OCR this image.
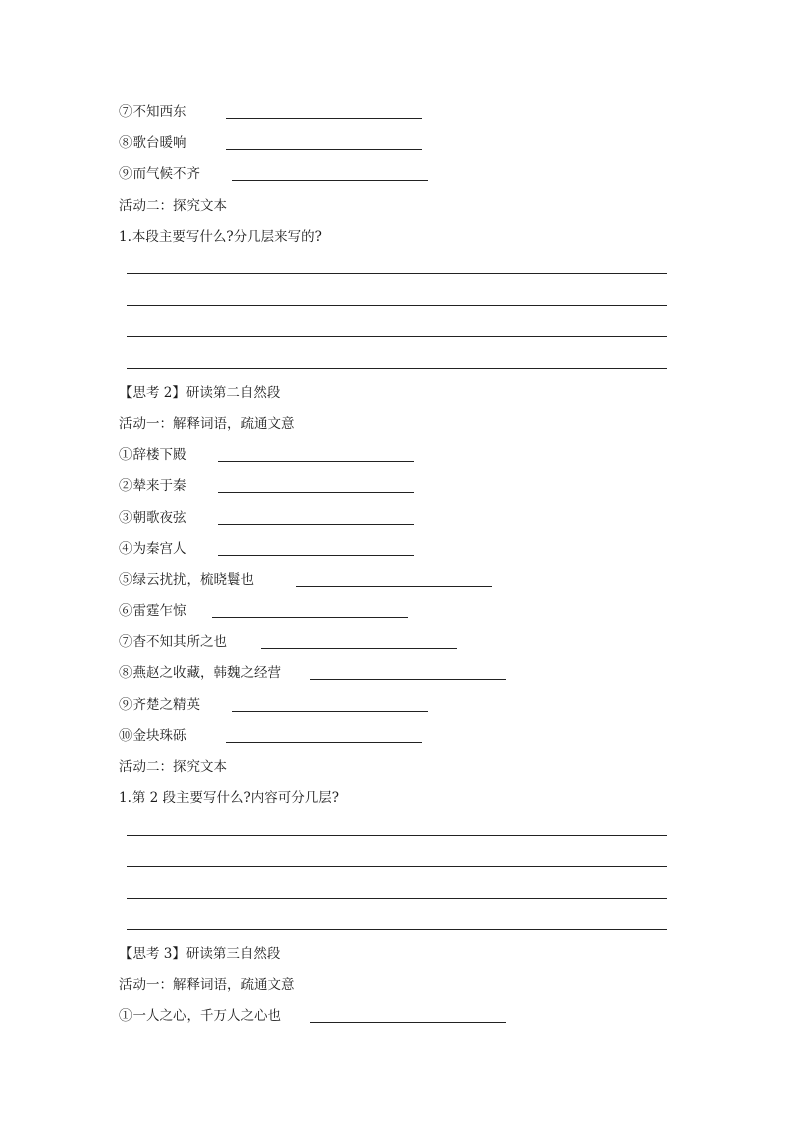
⑦不知西东
⑧歌台暖响
⑨而气候不齐
活动二：探究文本
1.本段主要写什么?分几层来写的?
【思考 2】研读第二自然段
活动一：解释词语，疏通文意
①辞楼下殿
②辇来于秦
③朝歌夜弦
④为秦宫人
⑤绿云扰扰，梳晓鬟也
⑥雷霆乍惊
⑦杳不知其所之也
⑧燕赵之收藏，韩魏之经营
⑨齐楚之精英
⑩金块珠砾
活动二：探究文本
1.第 2 段主要写什么?内容可分几层?
【思考 3】研读第三自然段
活动一：解释词语，疏通文意
①一人之心，千万人之心也
